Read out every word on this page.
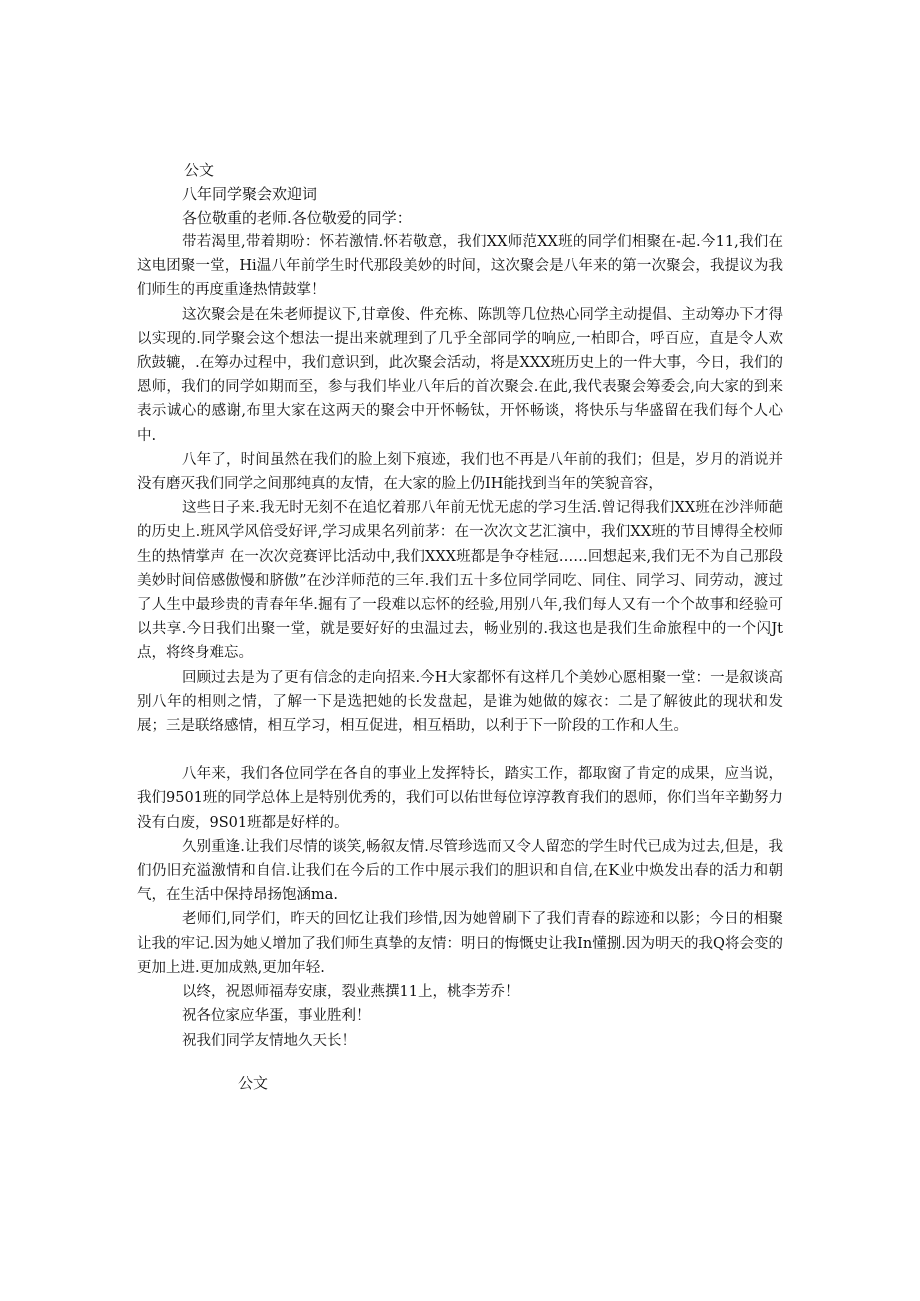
公文
八年同学聚会欢迎词
各位敬重的老师.各位敬爱的同学：

带若渴里,带着期吩：怀若激情.怀若敬意，我们XX师范XX班的同学们相聚在-起.今11,我们在这电团聚一堂，Hi温八年前学生时代那段美妙的时间，这次聚会是八年来的第一次聚会，我提议为我们师生的再度重逢热情鼓掌！

这次聚会是在朱老师提议下,甘章俊、件充栋、陈凯等几位热心同学主动提倡、主动筹办下才得以实现的.同学聚会这个想法一提出来就理到了几乎全部同学的响应,一柏即合，呼百应，直是令人欢欣鼓辘，.在筹办过程中，我们意识到，此次聚会活动，将是XXX班历史上的一件大事，今日，我们的恩师，我们的同学如期而至，参与我们毕业八年后的首次聚会.在此,我代表聚会筹委会,向大家的到来表示诚心的感谢,布里大家在这两天的聚会中开怀畅钛，开怀畅谈，将快乐与华盛留在我们每个人心中.

八年了，时间虽然在我们的脸上刻下痕迹，我们也不再是八年前的我们；但是，岁月的消说并没有磨灭我们同学之间那纯真的友情，在大家的脸上仍IH能找到当年的笑貌音容，

这些日子来.我无时无刻不在追忆着那八年前无忧无虑的学习生活.曾记得我们XX班在沙泮师葩的历史上.班风学风倍受好评,学习成果名列前茅：在一次次文艺汇演中，我们XX班的节目博得全校师生的热情掌声 在一次次竞赛评比活动中,我们XXX班都是争夺桂冠……回想起来,我们无不为自己那段美妙时间倍感傲慢和脐傲”在沙洋师范的三年.我们五十多位同学同吃、同住、同学习、同劳动，渡过了人生中最珍贵的青春年华.掘有了一段难以忘怀的经验,用别八年,我们每人又有一个个故事和经验可以共享.今日我们出聚一堂，就是要好好的虫温过去，畅业别的.我这也是我们生命旅程中的一个闪Jt点，将终身难忘。

回顾过去是为了更有信念的走向招来.今H大家都怀有这样几个美妙心愿相聚一堂：一是叙谈高别八年的相则之情，了解一下是选把她的长发盘起，是谁为她做的嫁衣：二是了解彼此的现状和发展；三是联络感情，相互学习，相互促进，相互梧助，以利于下一阶段的工作和人生。

八年来，我们各位同学在各自的事业上发挥特长，踏实工作，都取窗了肯定的成果，应当说，我们9501班的同学总体上是特别优秀的，我们可以佑世每位谆淳教育我们的恩师，你们当年辛勤努力没有白废，9S01班都是好样的。

久别重逢.让我们尽情的谈笑,畅叙友情.尽管珍选而又令人留恋的学生时代已成为过去,但是，我们仍旧充溢激情和自信.让我们在今后的工作中展示我们的胆识和自信,在K业中焕发出春的活力和朝气，在生活中保持昂扬饱涵ma.

老师们,同学们，昨天的回忆让我们珍惜,因为她曾刷下了我们青春的踪迹和以影；今日的相聚让我的牢记.因为她乂增加了我们师生真挚的友情：明日的悔慨史让我In懂捌.因为明天的我Q将会变的更加上进.更加成熟,更加年轻.

以终，祝恩师福寿安康，裂业燕撰11上，桃李芳乔！

祝各位家应华蛋，事业胜利！

祝我们同学友情地久天长！

公文
